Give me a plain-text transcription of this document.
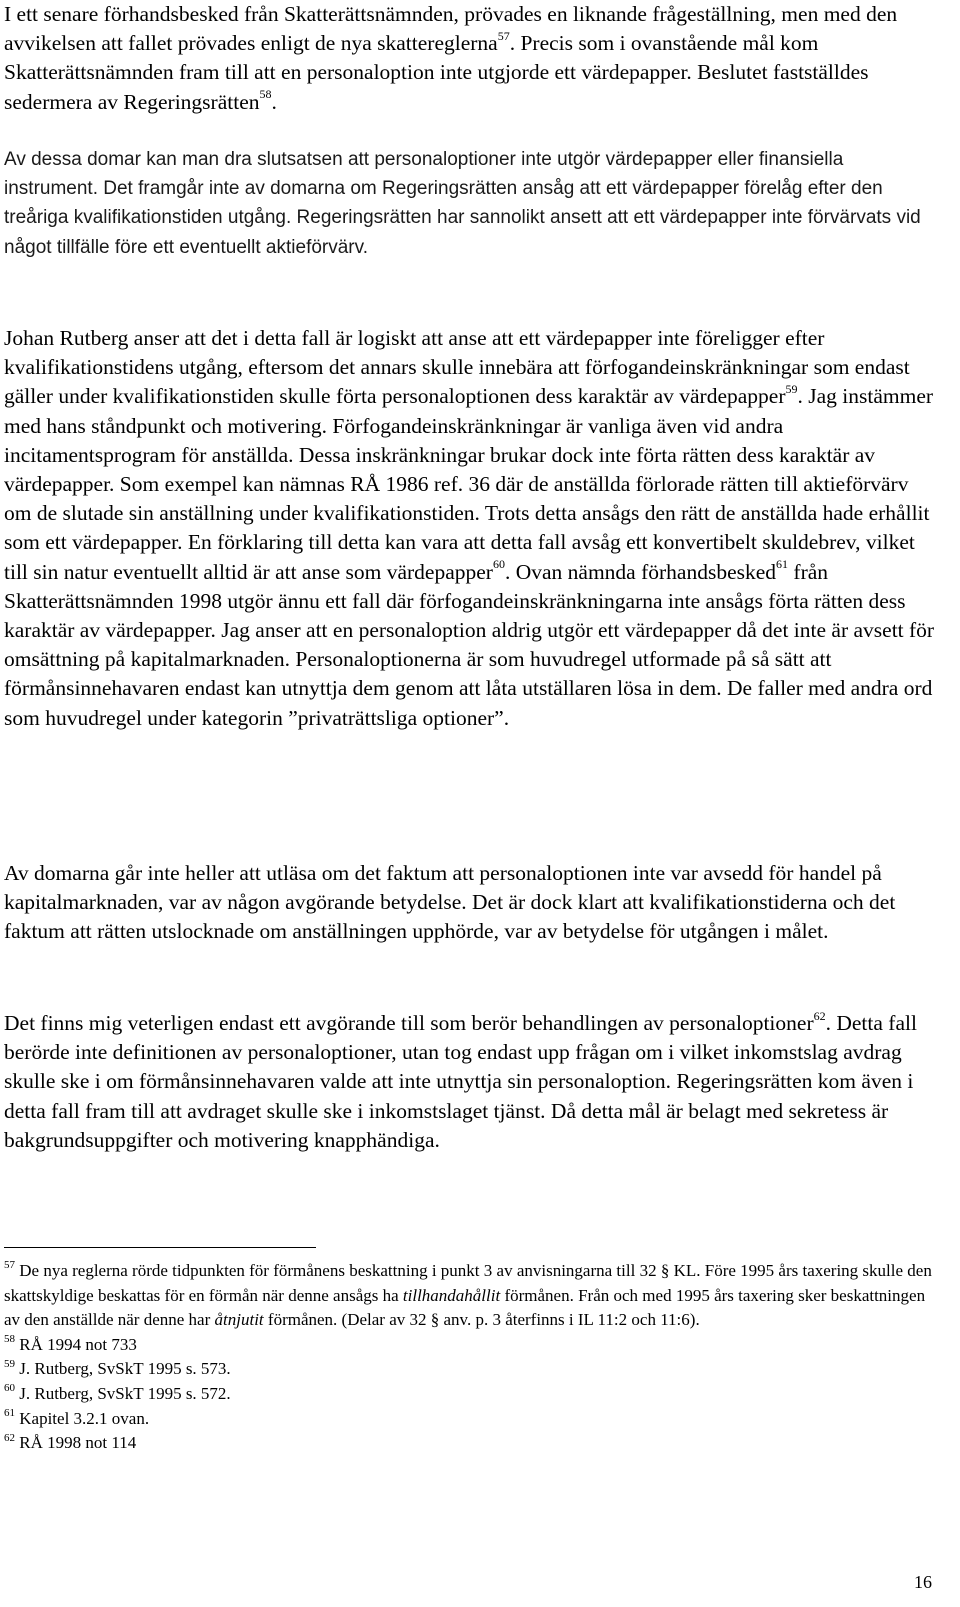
I ett senare förhandsbesked från Skatterättsnämnden, prövades en liknande frågeställning, men med den avvikelsen att fallet prövades enligt de nya skattereglerna$^{57}$. Precis som i ovanstående mål kom Skatterättsnämnden fram till att en personaloption inte utgjorde ett värdepapper. Beslutet fastställdes sedermera av Regeringsrätten$^{58}$.

Av dessa domar kan man dra slutsatsen att personaloptioner inte utgör värdepapper eller finansiella instrument. Det framgår inte av domarna om Regeringsrätten ansåg att ett värdepapper förelåg efter den treåriga kvalifikationstiden utgång. Regeringsrätten har sannolikt ansett att ett värdepapper inte förvärvats vid något tillfälle före ett eventuellt aktieförvärv.

Johan Rutberg anser att det i detta fall är logiskt att anse att ett värdepapper inte föreligger efter kvalifikationstidens utgång, eftersom det annars skulle innebära att förfogandeinskränkningar som endast gäller under kvalifikationstiden skulle förta personaloptionen dess karaktär av värdepapper$^{59}$. Jag instämmer med hans ståndpunkt och motivering. Förfogandeinskränkningar är vanliga även vid andra incitamentsprogram för anställda. Dessa inskränkningar brukar dock inte förta rätten dess karaktär av värdepapper. Som exempel kan nämnas RÅ 1986 ref. 36 där de anställda förlorade rätten till aktieförvärv om de slutade sin anställning under kvalifikationstiden. Trots detta ansågs den rätt de anställda hade erhållit som ett värdepapper. En förklaring till detta kan vara att detta fall avsåg ett konvertibelt skuldebrev, vilket till sin natur eventuellt alltid är att anse som värdepapper$^{60}$. Ovan nämnda förhandsbesked$^{61}$ från Skatterättsnämnden 1998 utgör ännu ett fall där förfogandeinskränkningarna inte ansågs förta rätten dess karaktär av värdepapper. Jag anser att en personaloption aldrig utgör ett värdepapper då det inte är avsett för omsättning på kapitalmarknaden. Personaloptionerna är som huvudregel utformade på så sätt att förmånsinnehavaren endast kan utnyttja dem genom att låta utställaren lösa in dem. De faller med andra ord som huvudregel under kategorin ”privaträttsliga optioner”.

Av domarna går inte heller att utläsa om det faktum att personaloptionen inte var avsedd för handel på kapitalmarknaden, var av någon avgörande betydelse. Det är dock klart att kvalifikationstiderna och det faktum att rätten utslocknade om anställningen upphörde, var av betydelse för utgången i målet.

Det finns mig veterligen endast ett avgörande till som berör behandlingen av personaloptioner$^{62}$. Detta fall berörde inte definitionen av personaloptioner, utan tog endast upp frågan om i vilket inkomstslag avdrag skulle ske i om förmånsinnehavaren valde att inte utnyttja sin personaloption. Regeringsrätten kom även i detta fall fram till att avdraget skulle ske i inkomstslaget tjänst. Då detta mål är belagt med sekretess är bakgrundsuppgifter och motivering knapphändiga.

$^{57}$ De nya reglerna rörde tidpunkten för förmånens beskattning i punkt 3 av anvisningarna till 32 § KL. Före 1995 års taxering skulle den skattskyldige beskattas för en förmån när denne ansågs ha tillhandahållit förmånen. Från och med 1995 års taxering sker beskattningen av den anställde när denne har åtnjutit förmånen. (Delar av 32 § anv. p. 3 återfinns i IL 11:2 och 11:6).

$^{58}$ RÅ 1994 not 733

$^{59}$ J. Rutberg, SvSkT 1995 s. 573.

$^{60}$ J. Rutberg, SvSkT 1995 s. 572.

$^{61}$ Kapitel 3.2.1 ovan.

$^{62}$ RÅ 1998 not 114

16
